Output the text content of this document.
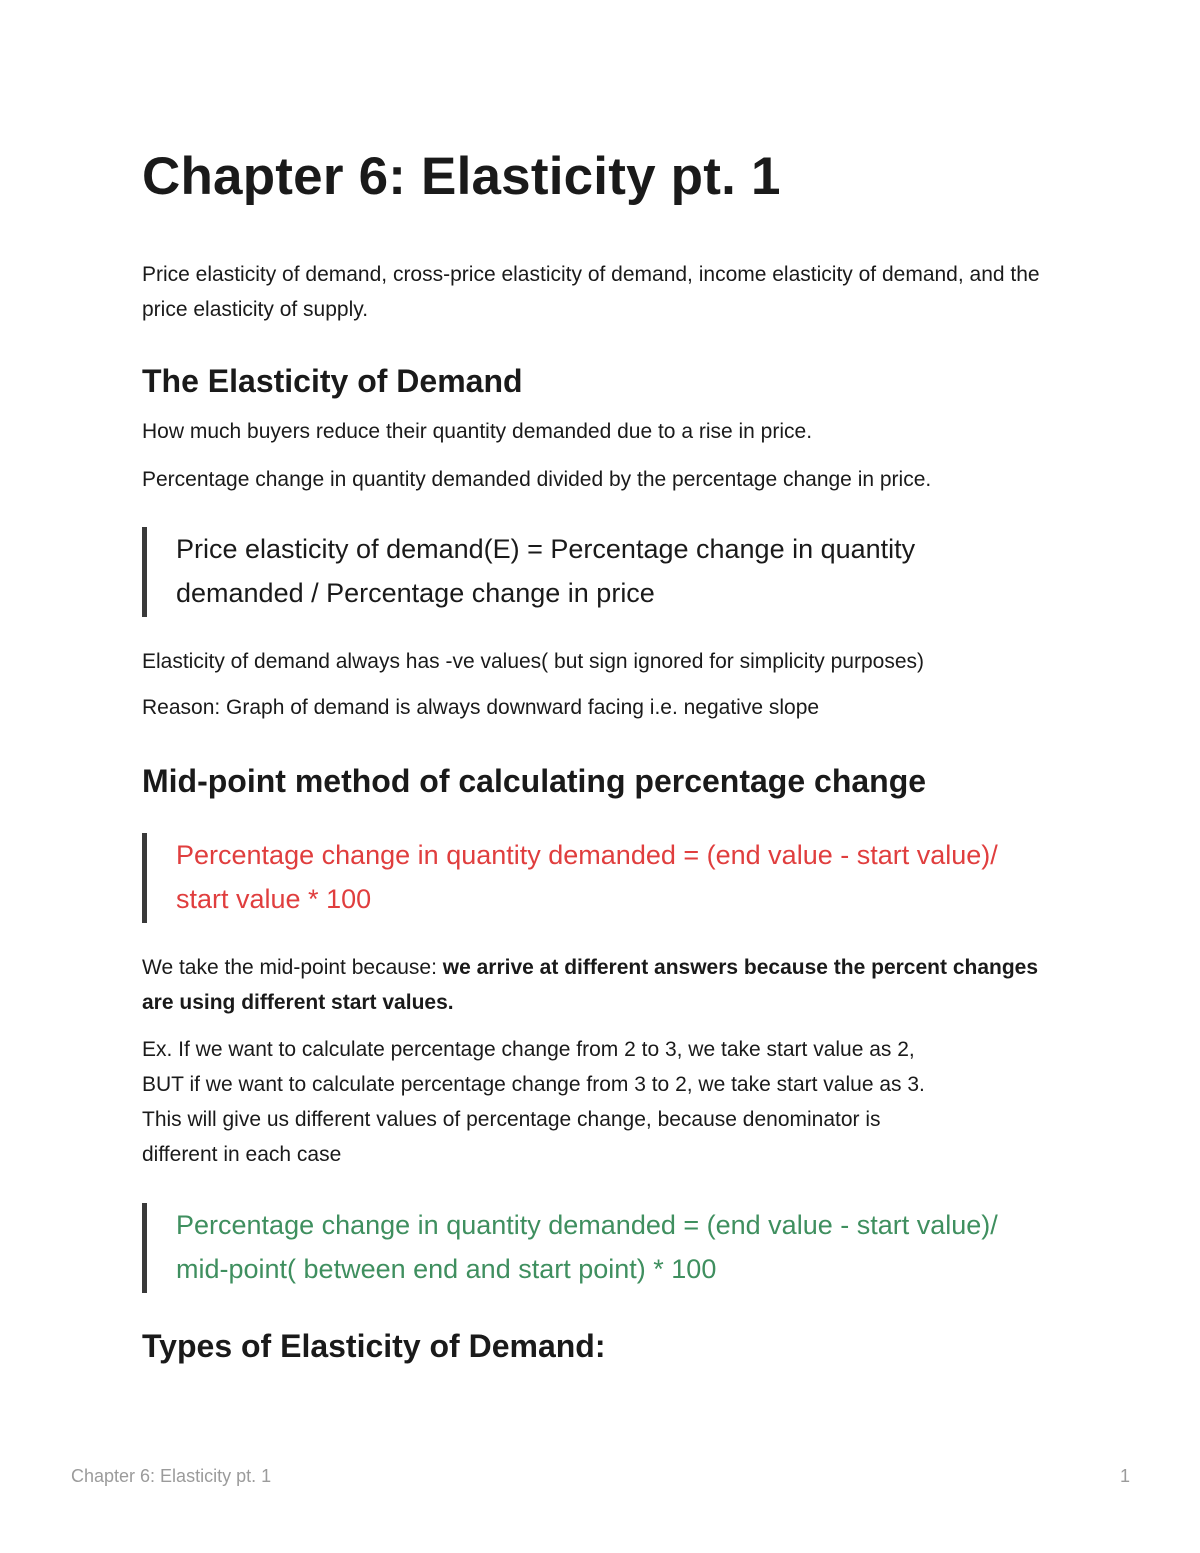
Chapter 6: Elasticity pt. 1

Price elasticity of demand, cross-price elasticity of demand, income elasticity of demand, and the price elasticity of supply.

The Elasticity of Demand

How much buyers reduce their quantity demanded due to a rise in price.

Percentage change in quantity demanded divided by the percentage change in price.

Price elasticity of demand(E) = Percentage change in quantity demanded / Percentage change in price

Elasticity of demand always has -ve values( but sign ignored for simplicity purposes)

Reason: Graph of demand is always downward facing i.e. negative slope

Mid-point method of calculating percentage change
Percentage change in quantity demanded = (end value - start value)/ start value * 100

We take the mid-point because: we arrive at different answers because the percent changes are using different start values.

Ex. If we want to calculate percentage change from 2 to 3, we take start value as 2,
BUT if we want to calculate percentage change from 3 to 2, we take start value as 3.
This will give us different values of percentage change, because denominator is
different in each case

Percentage change in quantity demanded = (end value - start value)/ mid-point( between end and start point) * 100
Types of Elasticity of Demand:
Chapter 6: Elasticity pt. 1	1
